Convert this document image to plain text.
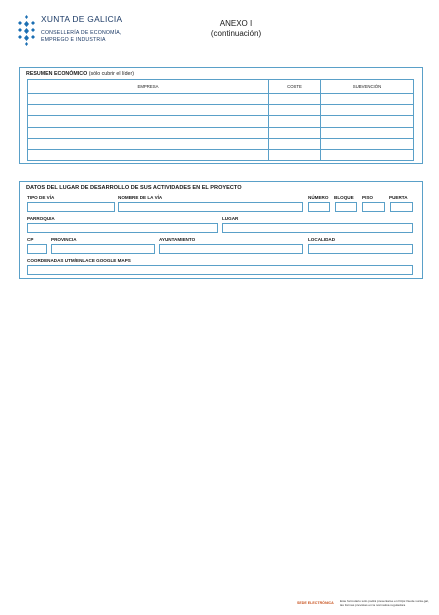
XUNTA DE GALICIA
CONSELLERÍA DE ECONOMÍA,
EMPREGO E INDUSTRIA
ANEXO I
(continuación)
RESUMEN ECONÓMICO (sólo cubrir el líder)
EMPRESA	COSTE	SUBVENCIÓN

DATOS DEL LUGAR DE DESARROLLO DE SUS ACTIVIDADES EN EL PROYECTO
TIPO DE VÍA	NOMBRE DE LA VÍA	NÚMERO BLOQUE PISO	PUERTA
PARROQUIA	LUGAR
CP	PROVINCIA	AYUNTAMIENTO	LOCALIDAD
COORDENADAS UTM/ENLACE GOOGLE MAPS
SEDE ELECTRÓNICA Este formulario sólo podrá presentarse en https://sede.xunta.gal, las formas previstas en la normativa reguladora
